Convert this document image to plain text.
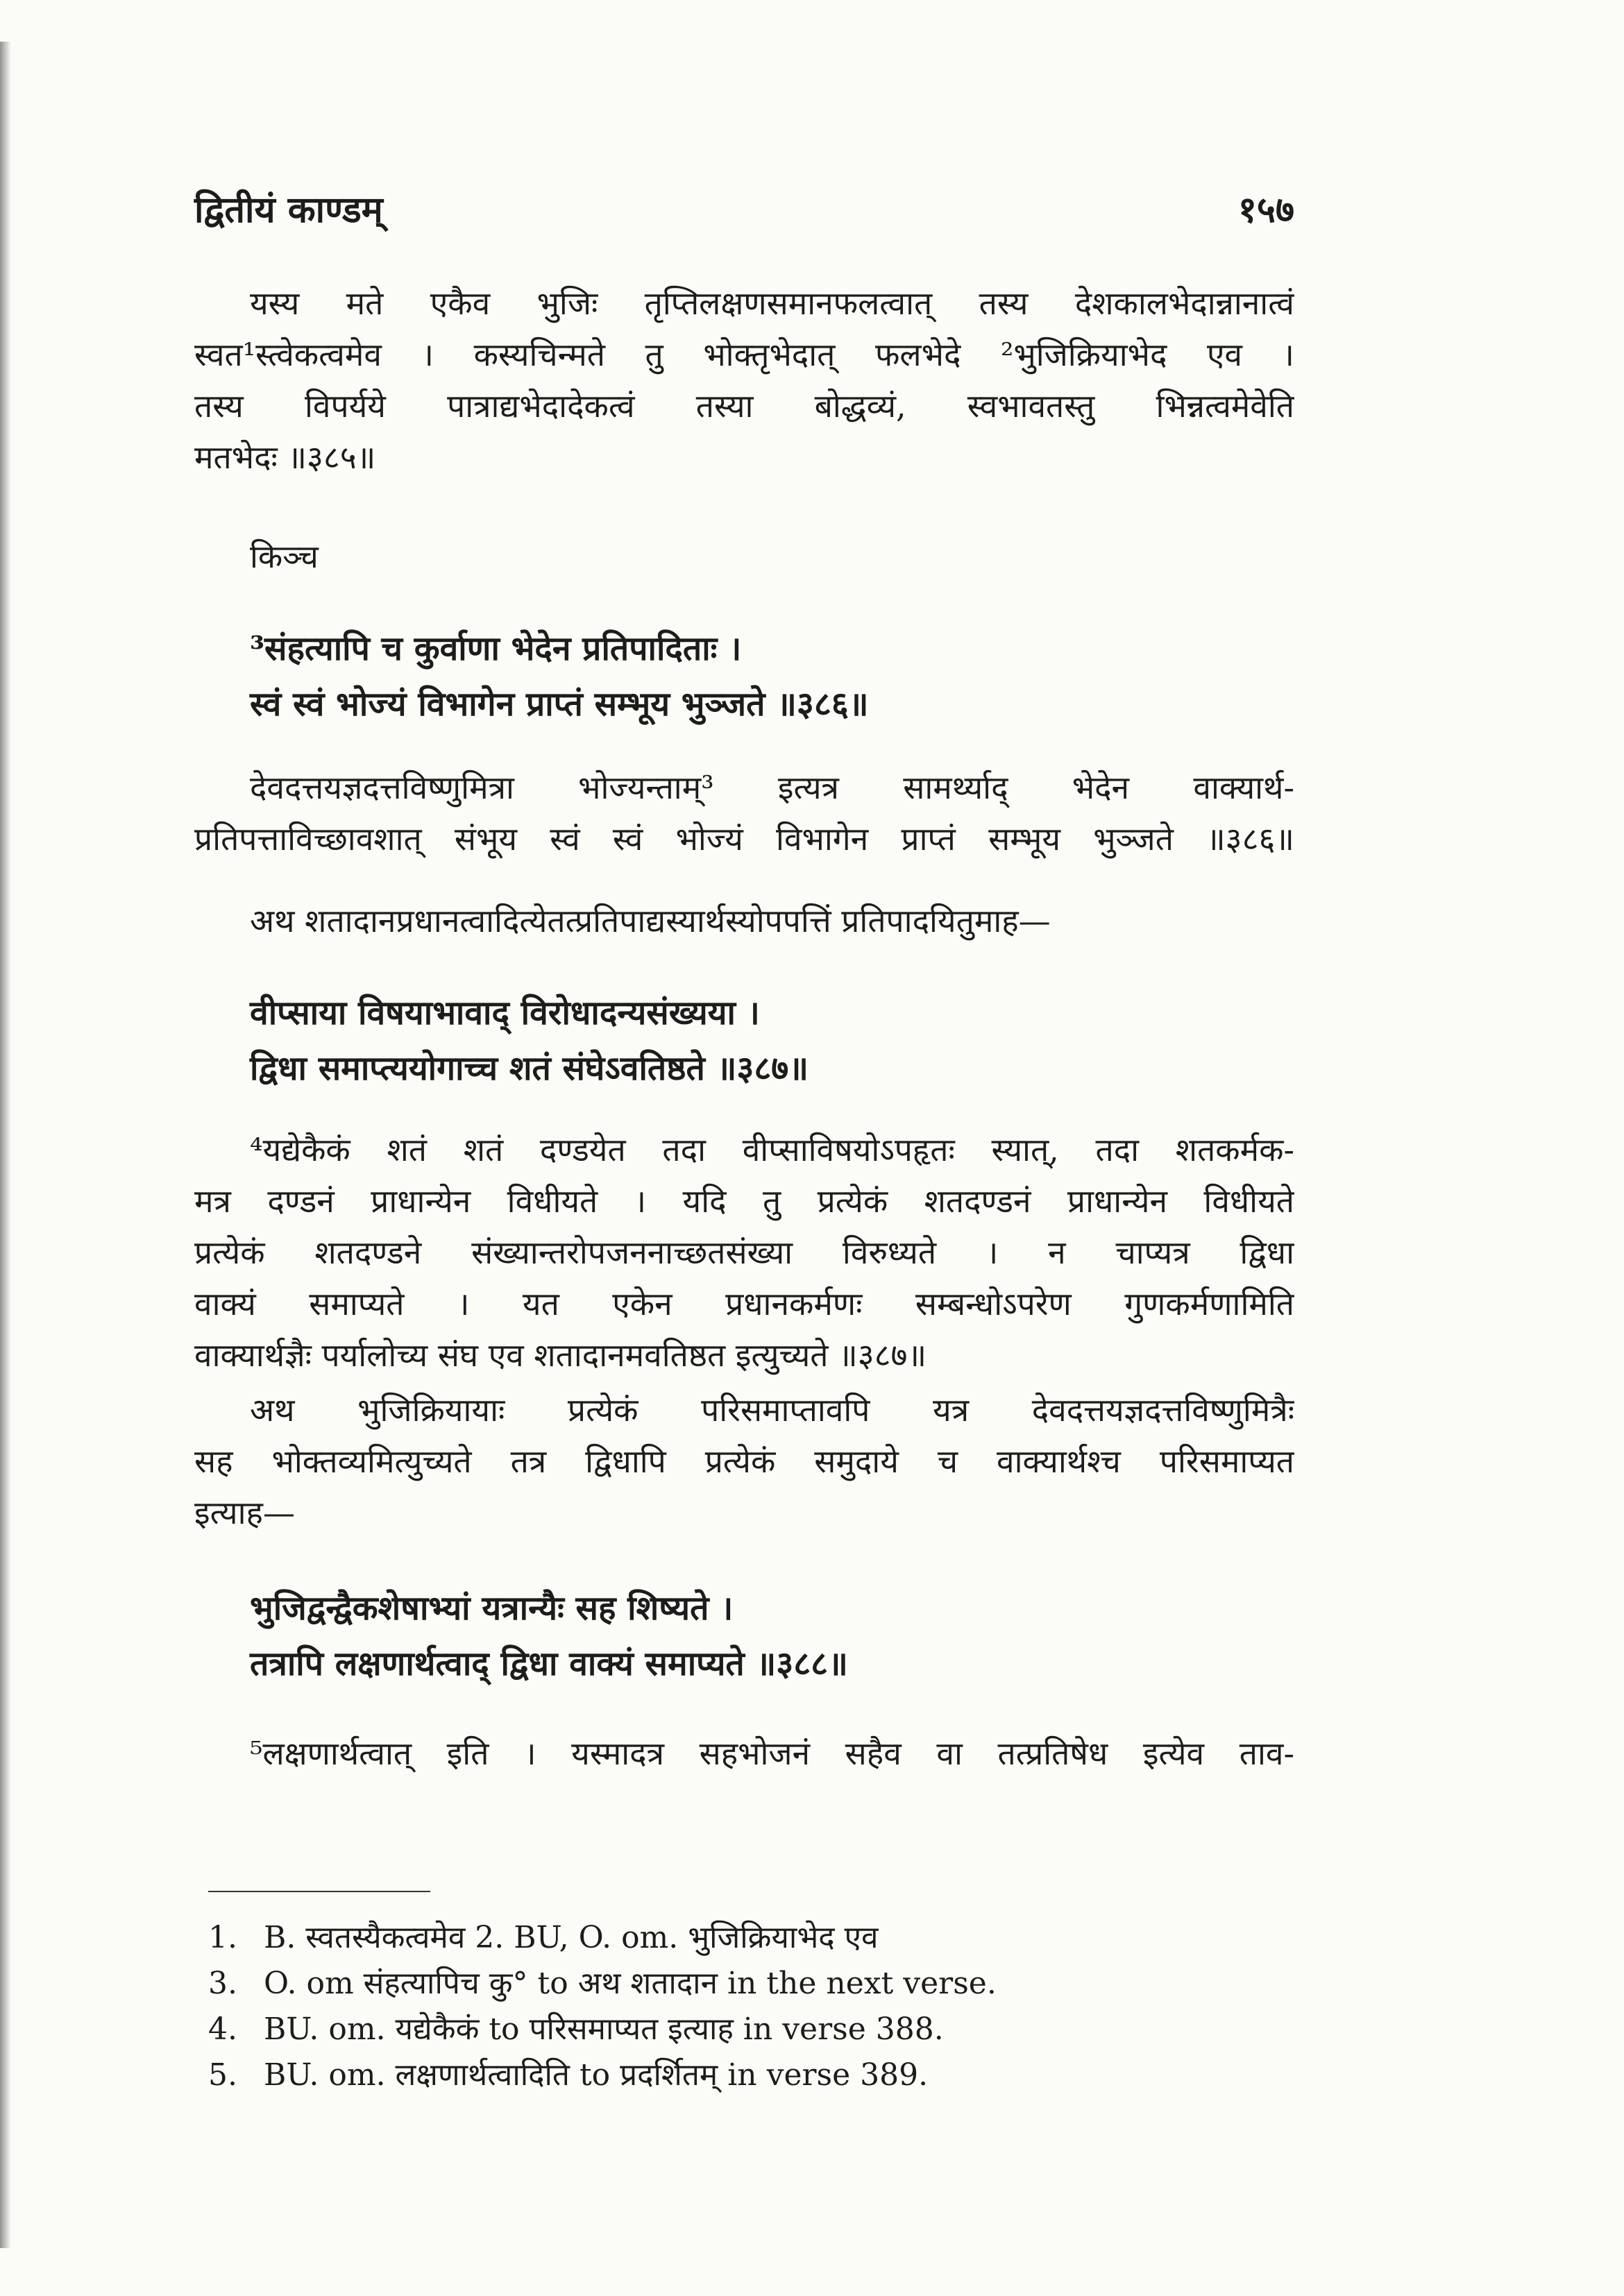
द्वितीयं काण्डम्	१५७
यस्य मते एकैव भुजिः तृप्तिलक्षणसमानफलत्वात् तस्य देशकालभेदान्नानात्वं
स्वत¹स्त्वेकत्वमेव । कस्यचिन्मते तु भोक्तृभेदात् फलभेदे ²भुजिक्रियाभेद एव ।
तस्य विपर्यये पात्राद्यभेदादेकत्वं तस्या बोद्धव्यं, स्वभावतस्तु भिन्नत्वमेवेति
मतभेदः ॥३८५॥
किञ्च
³संहत्यापि च कुर्वाणा भेदेन प्रतिपादिताः ।
स्वं स्वं भोज्यं विभागेन प्राप्तं सम्भूय भुञ्जते ॥३८६॥
देवदत्तयज्ञदत्तविष्णुमित्रा भोज्यन्ताम्³ इत्यत्र सामर्थ्याद् भेदेन वाक्यार्थ-
प्रतिपत्ताविच्छावशात् संभूय स्वं स्वं भोज्यं विभागेन प्राप्तं सम्भूय भुञ्जते ॥३८६॥
अथ शतादानप्रधानत्वादित्येतत्प्रतिपाद्यस्यार्थस्योपपत्तिं प्रतिपादयितुमाह—
वीप्साया विषयाभावाद् विरोधादन्यसंख्यया ।
द्विधा समाप्त्ययोगाच्च शतं संघेऽवतिष्ठते ॥३८७॥
⁴यद्येकैकं शतं शतं दण्डयेत तदा वीप्साविषयोऽपहृतः स्यात्, तदा शतकर्मक-
मत्र दण्डनं प्राधान्येन विधीयते । यदि तु प्रत्येकं शतदण्डनं प्राधान्येन विधीयते
प्रत्येकं शतदण्डने संख्यान्तरोपजननाच्छतसंख्या विरुध्यते । न चाप्यत्र द्विधा
वाक्यं समाप्यते । यत एकेन प्रधानकर्मणः सम्बन्धोऽपरेण गुणकर्मणामिति
वाक्यार्थज्ञैः पर्यालोच्य संघ एव शतादानमवतिष्ठत इत्युच्यते ॥३८७॥
अथ भुजिक्रियायाः प्रत्येकं परिसमाप्तावपि यत्र देवदत्तयज्ञदत्तविष्णुमित्रैः
सह भोक्तव्यमित्युच्यते तत्र द्विधापि प्रत्येकं समुदाये च वाक्यार्थश्च परिसमाप्यत
इत्याह—
भुजिद्वन्द्वैकशेषाभ्यां यत्रान्यैः सह शिष्यते ।
तत्रापि लक्षणार्थत्वाद् द्विधा वाक्यं समाप्यते ॥३८८॥
⁵लक्षणार्थत्वात् इति । यस्मादत्र सहभोजनं सहैव वा तत्प्रतिषेध इत्येव ताव-
1. B. स्वतस्यैकत्वमेव 2. BU, O. om. भुजिक्रियाभेद एव
3. O. om संहत्यापिच कु° to अथ शतादान in the next verse.
4. BU. om. यद्येकैकं to परिसमाप्यत इत्याह in verse 388.
5. BU. om. लक्षणार्थत्वादिति to प्रदर्शितम् in verse 389.
